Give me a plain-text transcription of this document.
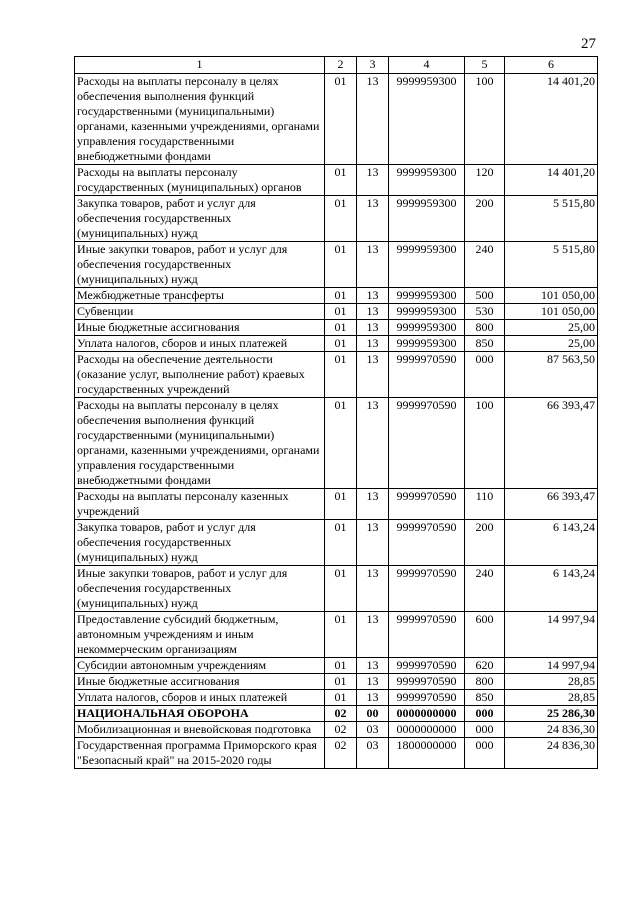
27
1	2	3	4	5	6
Расходы на выплаты персоналу в целях обеспечения выполнения функций государственными (муниципальными) органами, казенными учреждениями, органами управления государственными внебюджетными фондами	01	13	9999959300	100	14 401,20
Расходы на выплаты персоналу государственных (муниципальных) органов	01	13	9999959300	120	14 401,20
Закупка товаров, работ и услуг для обеспечения государственных (муниципальных) нужд	01	13	9999959300	200	5 515,80
Иные закупки товаров, работ и услуг для обеспечения государственных (муниципальных) нужд	01	13	9999959300	240	5 515,80
Межбюджетные трансферты	01	13	9999959300	500	101 050,00
Субвенции	01	13	9999959300	530	101 050,00
Иные бюджетные ассигнования	01	13	9999959300	800	25,00
Уплата налогов, сборов и иных платежей	01	13	9999959300	850	25,00
Расходы на обеспечение деятельности (оказание услуг, выполнение работ) краевых государственных учреждений	01	13	9999970590	000	87 563,50
Расходы на выплаты персоналу в целях обеспечения выполнения функций государственными (муниципальными) органами, казенными учреждениями, органами управления государственными внебюджетными фондами	01	13	9999970590	100	66 393,47
Расходы на выплаты персоналу казенных учреждений	01	13	9999970590	110	66 393,47
Закупка товаров, работ и услуг для обеспечения государственных (муниципальных) нужд	01	13	9999970590	200	6 143,24
Иные закупки товаров, работ и услуг для обеспечения государственных (муниципальных) нужд	01	13	9999970590	240	6 143,24
Предоставление субсидий бюджетным, автономным учреждениям и иным некоммерческим организациям	01	13	9999970590	600	14 997,94
Субсидии автономным учреждениям	01	13	9999970590	620	14 997,94
Иные бюджетные ассигнования	01	13	9999970590	800	28,85
Уплата налогов, сборов и иных платежей	01	13	9999970590	850	28,85
НАЦИОНАЛЬНАЯ ОБОРОНА	02	00	0000000000	000	25 286,30
Мобилизационная и вневойсковая подготовка	02	03	0000000000	000	24 836,30
Государственная программа Приморского края "Безопасный край" на 2015-2020 годы	02	03	1800000000	000	24 836,30
